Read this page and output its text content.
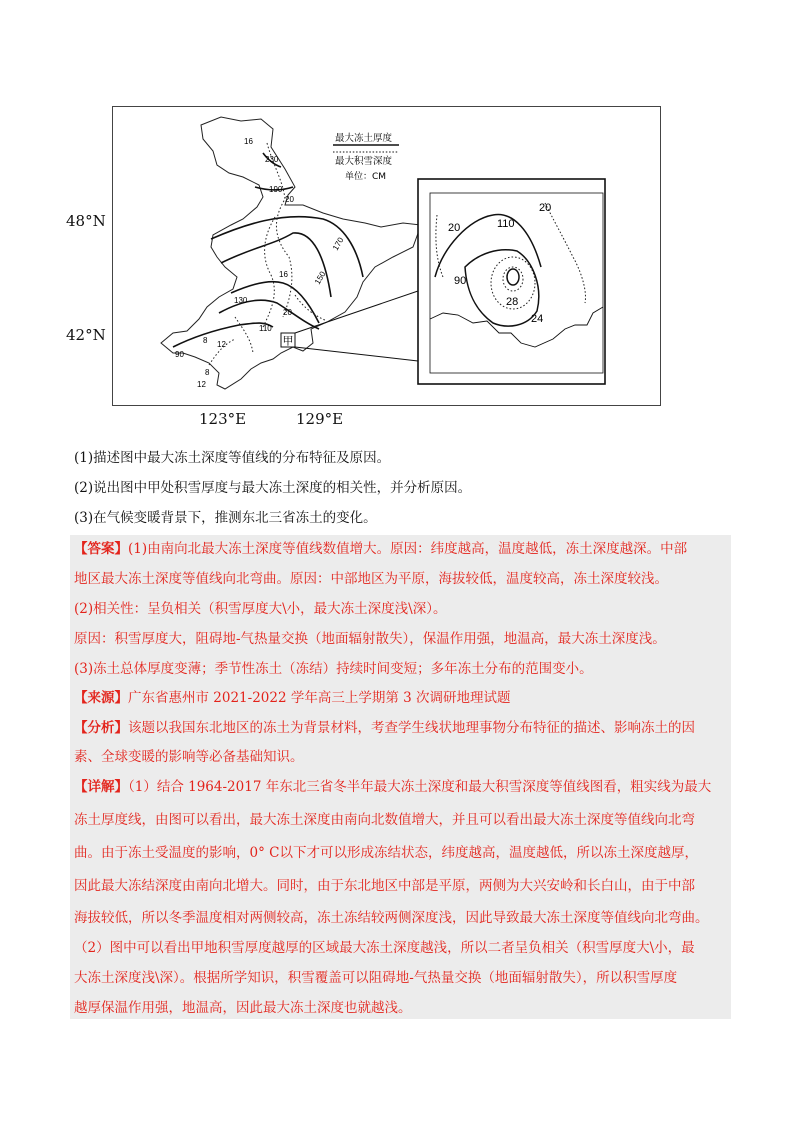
16
230
190
20
170
150
16
130
20
110
8 12
90
8
12
甲
最大冻土厚度
最大积雪深度
单位：CM
20	110
20
90
28
24
48°N
42°N
123°E	129°E
(1)描述图中最大冻土深度等值线的分布特征及原因。
(2)说出图中甲处积雪厚度与最大冻土深度的相关性，并分析原因。
(3)在气候变暖背景下，推测东北三省冻土的变化。
【答案】(1)由南向北最大冻土深度等值线数值增大。原因：纬度越高，温度越低，冻土深度越深。中部
地区最大冻土深度等值线向北弯曲。原因：中部地区为平原，海拔较低，温度较高，冻土深度较浅。
(2)相关性：呈负相关（积雪厚度大\小，最大冻土深度浅\深）。
原因：积雪厚度大，阻碍地-气热量交换（地面辐射散失），保温作用强，地温高，最大冻土深度浅。
(3)冻土总体厚度变薄；季节性冻土（冻结）持续时间变短；多年冻土分布的范围变小。
【来源】广东省惠州市 2021-2022 学年高三上学期第 3 次调研地理试题
【分析】该题以我国东北地区的冻土为背景材料，考查学生线状地理事物分布特征的描述、影响冻土的因
素、全球变暖的影响等必备基础知识。
【详解】（1）结合 1964-2017 年东北三省冬半年最大冻土深度和最大积雪深度等值线图看，粗实线为最大
冻土厚度线，由图可以看出，最大冻土深度由南向北数值增大，并且可以看出最大冻土深度等值线向北弯
曲。由于冻土受温度的影响，0° C以下才可以形成冻结状态，纬度越高，温度越低，所以冻土深度越厚，
因此最大冻结深度由南向北增大。同时，由于东北地区中部是平原，两侧为大兴安岭和长白山，由于中部
海拔较低，所以冬季温度相对两侧较高，冻土冻结较两侧深度浅，因此导致最大冻土深度等值线向北弯曲。
（2）图中可以看出甲地积雪厚度越厚的区域最大冻土深度越浅，所以二者呈负相关（积雪厚度大\小，最
大冻土深度浅\深）。根据所学知识，积雪覆盖可以阻碍地-气热量交换（地面辐射散失），所以积雪厚度
越厚保温作用强，地温高，因此最大冻土深度也就越浅。
